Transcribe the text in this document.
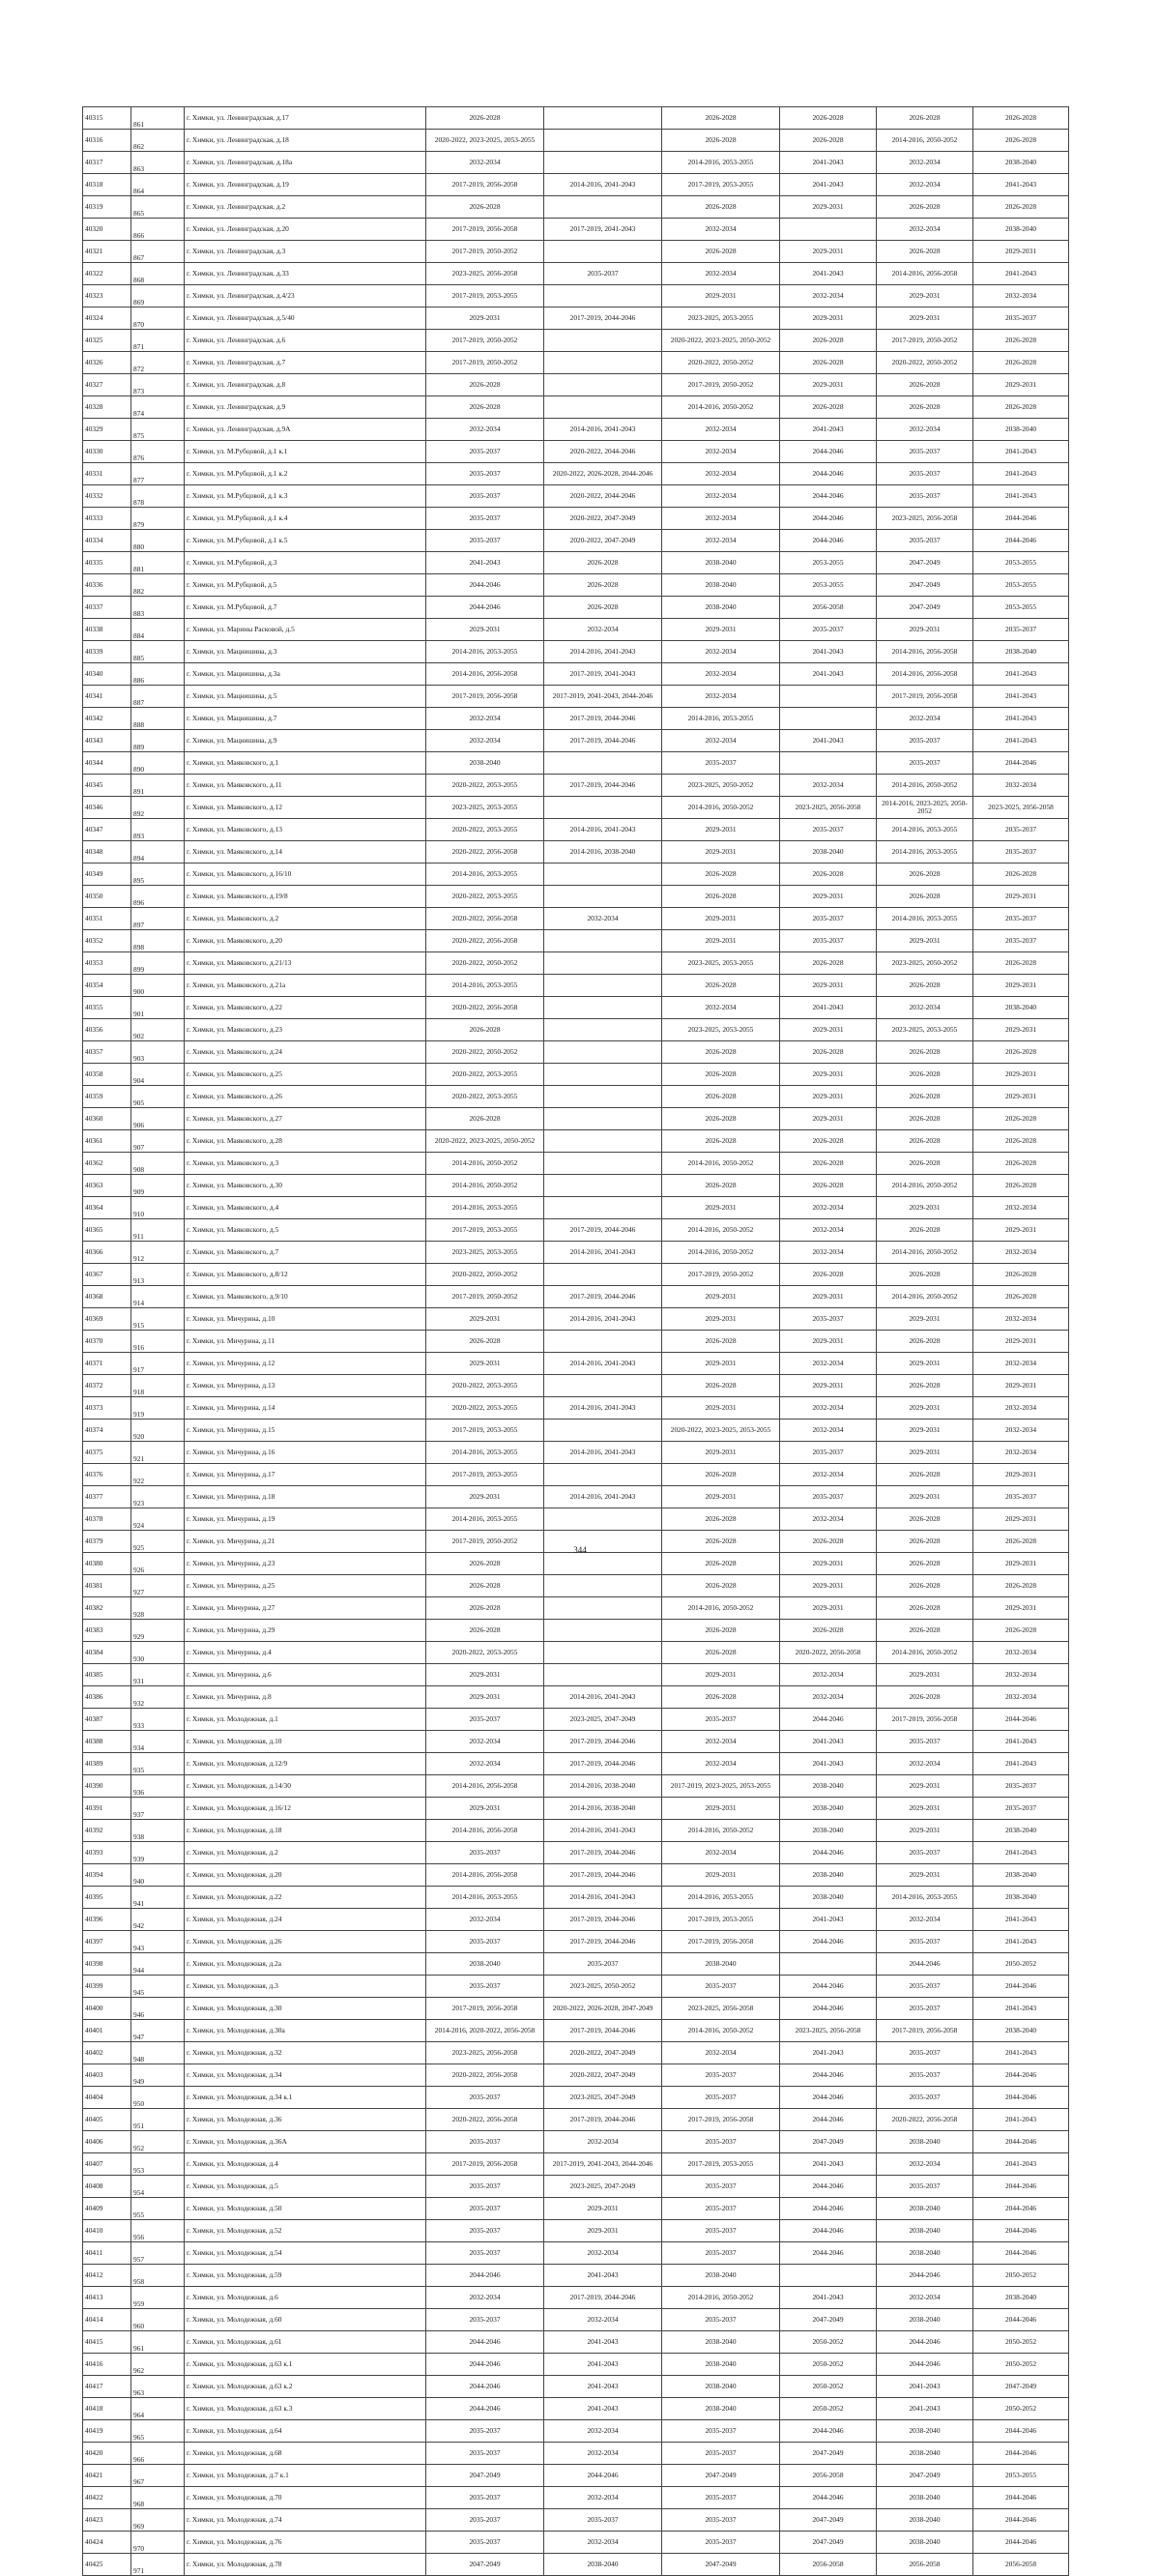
40315	861	г. Химки, ул. Ленинградская, д.17	2026-2028		2026-2028	2026-2028	2026-2028	2026-2028
40316	862	г. Химки, ул. Ленинградская, д.18	2020-2022, 2023-2025, 2053-2055		2026-2028	2026-2028	2014-2016, 2050-2052	2026-2028
40317	863	г. Химки, ул. Ленинградская, д.18а	2032-2034		2014-2016, 2053-2055	2041-2043	2032-2034	2038-2040
40318	864	г. Химки, ул. Ленинградская, д.19	2017-2019, 2056-2058	2014-2016, 2041-2043	2017-2019, 2053-2055	2041-2043	2032-2034	2041-2043
40319	865	г. Химки, ул. Ленинградская, д.2	2026-2028		2026-2028	2029-2031	2026-2028	2026-2028
40320	866	г. Химки, ул. Ленинградская, д.20	2017-2019, 2056-2058	2017-2019, 2041-2043	2032-2034		2032-2034	2038-2040
40321	867	г. Химки, ул. Ленинградская, д.3	2017-2019, 2050-2052		2026-2028	2029-2031	2026-2028	2029-2031
40322	868	г. Химки, ул. Ленинградская, д.33	2023-2025, 2056-2058	2035-2037	2032-2034	2041-2043	2014-2016, 2056-2058	2041-2043
40323	869	г. Химки, ул. Ленинградская, д.4/23	2017-2019, 2053-2055		2029-2031	2032-2034	2029-2031	2032-2034
40324	870	г. Химки, ул. Ленинградская, д.5/40	2029-2031	2017-2019, 2044-2046	2023-2025, 2053-2055	2029-2031	2029-2031	2035-2037
40325	871	г. Химки, ул. Ленинградская, д.6	2017-2019, 2050-2052		2020-2022, 2023-2025, 2050-2052	2026-2028	2017-2019, 2050-2052	2026-2028
40326	872	г. Химки, ул. Ленинградская, д.7	2017-2019, 2050-2052		2020-2022, 2050-2052	2026-2028	2020-2022, 2050-2052	2026-2028
40327	873	г. Химки, ул. Ленинградская, д.8	2026-2028		2017-2019, 2050-2052	2029-2031	2026-2028	2029-2031
40328	874	г. Химки, ул. Ленинградская, д.9	2026-2028		2014-2016, 2050-2052	2026-2028	2026-2028	2026-2028
40329	875	г. Химки, ул. Ленинградская, д.9А	2032-2034	2014-2016, 2041-2043	2032-2034	2041-2043	2032-2034	2038-2040
40330	876	г. Химки, ул. М.Рубцовой, д.1 к.1	2035-2037	2020-2022, 2044-2046	2032-2034	2044-2046	2035-2037	2041-2043
40331	877	г. Химки, ул. М.Рубцовой, д.1 к.2	2035-2037	2020-2022, 2026-2028, 2044-2046	2032-2034	2044-2046	2035-2037	2041-2043
40332	878	г. Химки, ул. М.Рубцовой, д.1 к.3	2035-2037	2020-2022, 2044-2046	2032-2034	2044-2046	2035-2037	2041-2043
40333	879	г. Химки, ул. М.Рубцовой, д.1 к.4	2035-2037	2020-2022, 2047-2049	2032-2034	2044-2046	2023-2025, 2056-2058	2044-2046
40334	880	г. Химки, ул. М.Рубцовой, д.1 к.5	2035-2037	2020-2022, 2047-2049	2032-2034	2044-2046	2035-2037	2044-2046
40335	881	г. Химки, ул. М.Рубцовой, д.3	2041-2043	2026-2028	2038-2040	2053-2055	2047-2049	2053-2055
40336	882	г. Химки, ул. М.Рубцовой, д.5	2044-2046	2026-2028	2038-2040	2053-2055	2047-2049	2053-2055
40337	883	г. Химки, ул. М.Рубцовой, д.7	2044-2046	2026-2028	2038-2040	2056-2058	2047-2049	2053-2055
40338	884	г. Химки, ул. Марины Расковой, д.5	2029-2031	2032-2034	2029-2031	2035-2037	2029-2031	2035-2037
40339	885	г. Химки, ул. Мацнишина, д.3	2014-2016, 2053-2055	2014-2016, 2041-2043	2032-2034	2041-2043	2014-2016, 2056-2058	2038-2040
40340	886	г. Химки, ул. Мацнишина, д.3а	2014-2016, 2056-2058	2017-2019, 2041-2043	2032-2034	2041-2043	2014-2016, 2056-2058	2041-2043
40341	887	г. Химки, ул. Мацнишина, д.5	2017-2019, 2056-2058	2017-2019, 2041-2043, 2044-2046	2032-2034		2017-2019, 2056-2058	2041-2043
40342	888	г. Химки, ул. Мацнишина, д.7	2032-2034	2017-2019, 2044-2046	2014-2016, 2053-2055		2032-2034	2041-2043
40343	889	г. Химки, ул. Мацнишина, д.9	2032-2034	2017-2019, 2044-2046	2032-2034	2041-2043	2035-2037	2041-2043
40344	890	г. Химки, ул. Маяковского, д.1	2038-2040		2035-2037		2035-2037	2044-2046
40345	891	г. Химки, ул. Маяковского, д.11	2020-2022, 2053-2055	2017-2019, 2044-2046	2023-2025, 2050-2052	2032-2034	2014-2016, 2050-2052	2032-2034
40346	892	г. Химки, ул. Маяковского, д.12	2023-2025, 2053-2055		2014-2016, 2050-2052	2023-2025, 2056-2058	2014-2016, 2023-2025, 2050-2052	2023-2025, 2056-2058
40347	893	г. Химки, ул. Маяковского, д.13	2020-2022, 2053-2055	2014-2016, 2041-2043	2029-2031	2035-2037	2014-2016, 2053-2055	2035-2037
40348	894	г. Химки, ул. Маяковского, д.14	2020-2022, 2056-2058	2014-2016, 2038-2040	2029-2031	2038-2040	2014-2016, 2053-2055	2035-2037
40349	895	г. Химки, ул. Маяковского, д.16/10	2014-2016, 2053-2055		2026-2028	2026-2028	2026-2028	2026-2028
40350	896	г. Химки, ул. Маяковского, д.19/8	2020-2022, 2053-2055		2026-2028	2029-2031	2026-2028	2029-2031
40351	897	г. Химки, ул. Маяковского, д.2	2020-2022, 2056-2058	2032-2034	2029-2031	2035-2037	2014-2016, 2053-2055	2035-2037
40352	898	г. Химки, ул. Маяковского, д.20	2020-2022, 2056-2058		2029-2031	2035-2037	2029-2031	2035-2037
40353	899	г. Химки, ул. Маяковского, д.21/13	2020-2022, 2050-2052		2023-2025, 2053-2055	2026-2028	2023-2025, 2050-2052	2026-2028
40354	900	г. Химки, ул. Маяковского, д.21а	2014-2016, 2053-2055		2026-2028	2029-2031	2026-2028	2029-2031
40355	901	г. Химки, ул. Маяковского, д.22	2020-2022, 2056-2058		2032-2034	2041-2043	2032-2034	2038-2040
40356	902	г. Химки, ул. Маяковского, д.23	2026-2028		2023-2025, 2053-2055	2029-2031	2023-2025, 2053-2055	2029-2031
40357	903	г. Химки, ул. Маяковского, д.24	2020-2022, 2050-2052		2026-2028	2026-2028	2026-2028	2026-2028
40358	904	г. Химки, ул. Маяковского, д.25	2020-2022, 2053-2055		2026-2028	2029-2031	2026-2028	2029-2031
40359	905	г. Химки, ул. Маяковского, д.26	2020-2022, 2053-2055		2026-2028	2029-2031	2026-2028	2029-2031
40360	906	г. Химки, ул. Маяковского, д.27	2026-2028		2026-2028	2029-2031	2026-2028	2026-2028
40361	907	г. Химки, ул. Маяковского, д.28	2020-2022, 2023-2025, 2050-2052		2026-2028	2026-2028	2026-2028	2026-2028
40362	908	г. Химки, ул. Маяковского, д.3	2014-2016, 2050-2052		2014-2016, 2050-2052	2026-2028	2026-2028	2026-2028
40363	909	г. Химки, ул. Маяковского, д.30	2014-2016, 2050-2052		2026-2028	2026-2028	2014-2016, 2050-2052	2026-2028
40364	910	г. Химки, ул. Маяковского, д.4	2014-2016, 2053-2055		2029-2031	2032-2034	2029-2031	2032-2034
40365	911	г. Химки, ул. Маяковского, д.5	2017-2019, 2053-2055	2017-2019, 2044-2046	2014-2016, 2050-2052	2032-2034	2026-2028	2029-2031
40366	912	г. Химки, ул. Маяковского, д.7	2023-2025, 2053-2055	2014-2016, 2041-2043	2014-2016, 2050-2052	2032-2034	2014-2016, 2050-2052	2032-2034
40367	913	г. Химки, ул. Маяковского, д.8/12	2020-2022, 2050-2052		2017-2019, 2050-2052	2026-2028	2026-2028	2026-2028
40368	914	г. Химки, ул. Маяковского, д.9/10	2017-2019, 2050-2052	2017-2019, 2044-2046	2029-2031	2029-2031	2014-2016, 2050-2052	2026-2028
40369	915	г. Химки, ул. Мичурина, д.10	2029-2031	2014-2016, 2041-2043	2029-2031	2035-2037	2029-2031	2032-2034
40370	916	г. Химки, ул. Мичурина, д.11	2026-2028		2026-2028	2029-2031	2026-2028	2029-2031
40371	917	г. Химки, ул. Мичурина, д.12	2029-2031	2014-2016, 2041-2043	2029-2031	2032-2034	2029-2031	2032-2034
40372	918	г. Химки, ул. Мичурина, д.13	2020-2022, 2053-2055		2026-2028	2029-2031	2026-2028	2029-2031
40373	919	г. Химки, ул. Мичурина, д.14	2020-2022, 2053-2055	2014-2016, 2041-2043	2029-2031	2032-2034	2029-2031	2032-2034
40374	920	г. Химки, ул. Мичурина, д.15	2017-2019, 2053-2055		2020-2022, 2023-2025, 2053-2055	2032-2034	2029-2031	2032-2034
40375	921	г. Химки, ул. Мичурина, д.16	2014-2016, 2053-2055	2014-2016, 2041-2043	2029-2031	2035-2037	2029-2031	2032-2034
40376	922	г. Химки, ул. Мичурина, д.17	2017-2019, 2053-2055		2026-2028	2032-2034	2026-2028	2029-2031
40377	923	г. Химки, ул. Мичурина, д.18	2029-2031	2014-2016, 2041-2043	2029-2031	2035-2037	2029-2031	2035-2037
40378	924	г. Химки, ул. Мичурина, д.19	2014-2016, 2053-2055		2026-2028	2032-2034	2026-2028	2029-2031
40379	925	г. Химки, ул. Мичурина, д.21	2017-2019, 2050-2052		2026-2028	2026-2028	2026-2028	2026-2028
40380	926	г. Химки, ул. Мичурина, д.23	2026-2028		2026-2028	2029-2031	2026-2028	2029-2031
40381	927	г. Химки, ул. Мичурина, д.25	2026-2028		2026-2028	2029-2031	2026-2028	2026-2028
40382	928	г. Химки, ул. Мичурина, д.27	2026-2028		2014-2016, 2050-2052	2029-2031	2026-2028	2029-2031
40383	929	г. Химки, ул. Мичурина, д.29	2026-2028		2026-2028	2026-2028	2026-2028	2026-2028
40384	930	г. Химки, ул. Мичурина, д.4	2020-2022, 2053-2055		2026-2028	2020-2022, 2056-2058	2014-2016, 2050-2052	2032-2034
40385	931	г. Химки, ул. Мичурина, д.6	2029-2031		2029-2031	2032-2034	2029-2031	2032-2034
40386	932	г. Химки, ул. Мичурина, д.8	2029-2031	2014-2016, 2041-2043	2026-2028	2032-2034	2026-2028	2032-2034
40387	933	г. Химки, ул. Молодежная, д.1	2035-2037	2023-2025, 2047-2049	2035-2037	2044-2046	2017-2019, 2056-2058	2044-2046
40388	934	г. Химки, ул. Молодежная, д.10	2032-2034	2017-2019, 2044-2046	2032-2034	2041-2043	2035-2037	2041-2043
40389	935	г. Химки, ул. Молодежная, д.12/9	2032-2034	2017-2019, 2044-2046	2032-2034	2041-2043	2032-2034	2041-2043
40390	936	г. Химки, ул. Молодежная, д.14/30	2014-2016, 2056-2058	2014-2016, 2038-2040	2017-2019, 2023-2025, 2053-2055	2038-2040	2029-2031	2035-2037
40391	937	г. Химки, ул. Молодежная, д.16/12	2029-2031	2014-2016, 2038-2040	2029-2031	2038-2040	2029-2031	2035-2037
40392	938	г. Химки, ул. Молодежная, д.18	2014-2016, 2056-2058	2014-2016, 2041-2043	2014-2016, 2050-2052	2038-2040	2029-2031	2038-2040
40393	939	г. Химки, ул. Молодежная, д.2	2035-2037	2017-2019, 2044-2046	2032-2034	2044-2046	2035-2037	2041-2043
40394	940	г. Химки, ул. Молодежная, д.20	2014-2016, 2056-2058	2017-2019, 2044-2046	2029-2031	2038-2040	2029-2031	2038-2040
40395	941	г. Химки, ул. Молодежная, д.22	2014-2016, 2053-2055	2014-2016, 2041-2043	2014-2016, 2053-2055	2038-2040	2014-2016, 2053-2055	2038-2040
40396	942	г. Химки, ул. Молодежная, д.24	2032-2034	2017-2019, 2044-2046	2017-2019, 2053-2055	2041-2043	2032-2034	2041-2043
40397	943	г. Химки, ул. Молодежная, д.26	2035-2037	2017-2019, 2044-2046	2017-2019, 2056-2058	2044-2046	2035-2037	2041-2043
40398	944	г. Химки, ул. Молодежная, д.2а	2038-2040	2035-2037	2038-2040		2044-2046	2050-2052
40399	945	г. Химки, ул. Молодежная, д.3	2035-2037	2023-2025, 2050-2052	2035-2037	2044-2046	2035-2037	2044-2046
40400	946	г. Химки, ул. Молодежная, д.30	2017-2019, 2056-2058	2020-2022, 2026-2028, 2047-2049	2023-2025, 2056-2058	2044-2046	2035-2037	2041-2043
40401	947	г. Химки, ул. Молодежная, д.30а	2014-2016, 2020-2022, 2056-2058	2017-2019, 2044-2046	2014-2016, 2050-2052	2023-2025, 2056-2058	2017-2019, 2056-2058	2038-2040
40402	948	г. Химки, ул. Молодежная, д.32	2023-2025, 2056-2058	2020-2022, 2047-2049	2032-2034	2041-2043	2035-2037	2041-2043
40403	949	г. Химки, ул. Молодежная, д.34	2020-2022, 2056-2058	2020-2022, 2047-2049	2035-2037	2044-2046	2035-2037	2044-2046
40404	950	г. Химки, ул. Молодежная, д.34 к.1	2035-2037	2023-2025, 2047-2049	2035-2037	2044-2046	2035-2037	2044-2046
40405	951	г. Химки, ул. Молодежная, д.36	2020-2022, 2056-2058	2017-2019, 2044-2046	2017-2019, 2056-2058	2044-2046	2020-2022, 2056-2058	2041-2043
40406	952	г. Химки, ул. Молодежная, д.36А	2035-2037	2032-2034	2035-2037	2047-2049	2038-2040	2044-2046
40407	953	г. Химки, ул. Молодежная, д.4	2017-2019, 2056-2058	2017-2019, 2041-2043, 2044-2046	2017-2019, 2053-2055	2041-2043	2032-2034	2041-2043
40408	954	г. Химки, ул. Молодежная, д.5	2035-2037	2023-2025, 2047-2049	2035-2037	2044-2046	2035-2037	2044-2046
40409	955	г. Химки, ул. Молодежная, д.50	2035-2037	2029-2031	2035-2037	2044-2046	2038-2040	2044-2046
40410	956	г. Химки, ул. Молодежная, д.52	2035-2037	2029-2031	2035-2037	2044-2046	2038-2040	2044-2046
40411	957	г. Химки, ул. Молодежная, д.54	2035-2037	2032-2034	2035-2037	2044-2046	2038-2040	2044-2046
40412	958	г. Химки, ул. Молодежная, д.59	2044-2046	2041-2043	2038-2040		2044-2046	2050-2052
40413	959	г. Химки, ул. Молодежная, д.6	2032-2034	2017-2019, 2044-2046	2014-2016, 2050-2052	2041-2043	2032-2034	2038-2040
40414	960	г. Химки, ул. Молодежная, д.60	2035-2037	2032-2034	2035-2037	2047-2049	2038-2040	2044-2046
40415	961	г. Химки, ул. Молодежная, д.61	2044-2046	2041-2043	2038-2040	2050-2052	2044-2046	2050-2052
40416	962	г. Химки, ул. Молодежная, д.63 к.1	2044-2046	2041-2043	2038-2040	2050-2052	2044-2046	2050-2052
40417	963	г. Химки, ул. Молодежная, д.63 к.2	2044-2046	2041-2043	2038-2040	2050-2052	2041-2043	2047-2049
40418	964	г. Химки, ул. Молодежная, д.63 к.3	2044-2046	2041-2043	2038-2040	2050-2052	2041-2043	2050-2052
40419	965	г. Химки, ул. Молодежная, д.64	2035-2037	2032-2034	2035-2037	2044-2046	2038-2040	2044-2046
40420	966	г. Химки, ул. Молодежная, д.68	2035-2037	2032-2034	2035-2037	2047-2049	2038-2040	2044-2046
40421	967	г. Химки, ул. Молодежная, д.7 к.1	2047-2049	2044-2046	2047-2049	2056-2058	2047-2049	2053-2055
40422	968	г. Химки, ул. Молодежная, д.70	2035-2037	2032-2034	2035-2037	2044-2046	2038-2040	2044-2046
40423	969	г. Химки, ул. Молодежная, д.74	2035-2037	2035-2037	2035-2037	2047-2049	2038-2040	2044-2046
40424	970	г. Химки, ул. Молодежная, д.76	2035-2037	2032-2034	2035-2037	2047-2049	2038-2040	2044-2046
40425	971	г. Химки, ул. Молодежная, д.78	2047-2049	2038-2040	2047-2049	2056-2058	2056-2058	2056-2058
344
